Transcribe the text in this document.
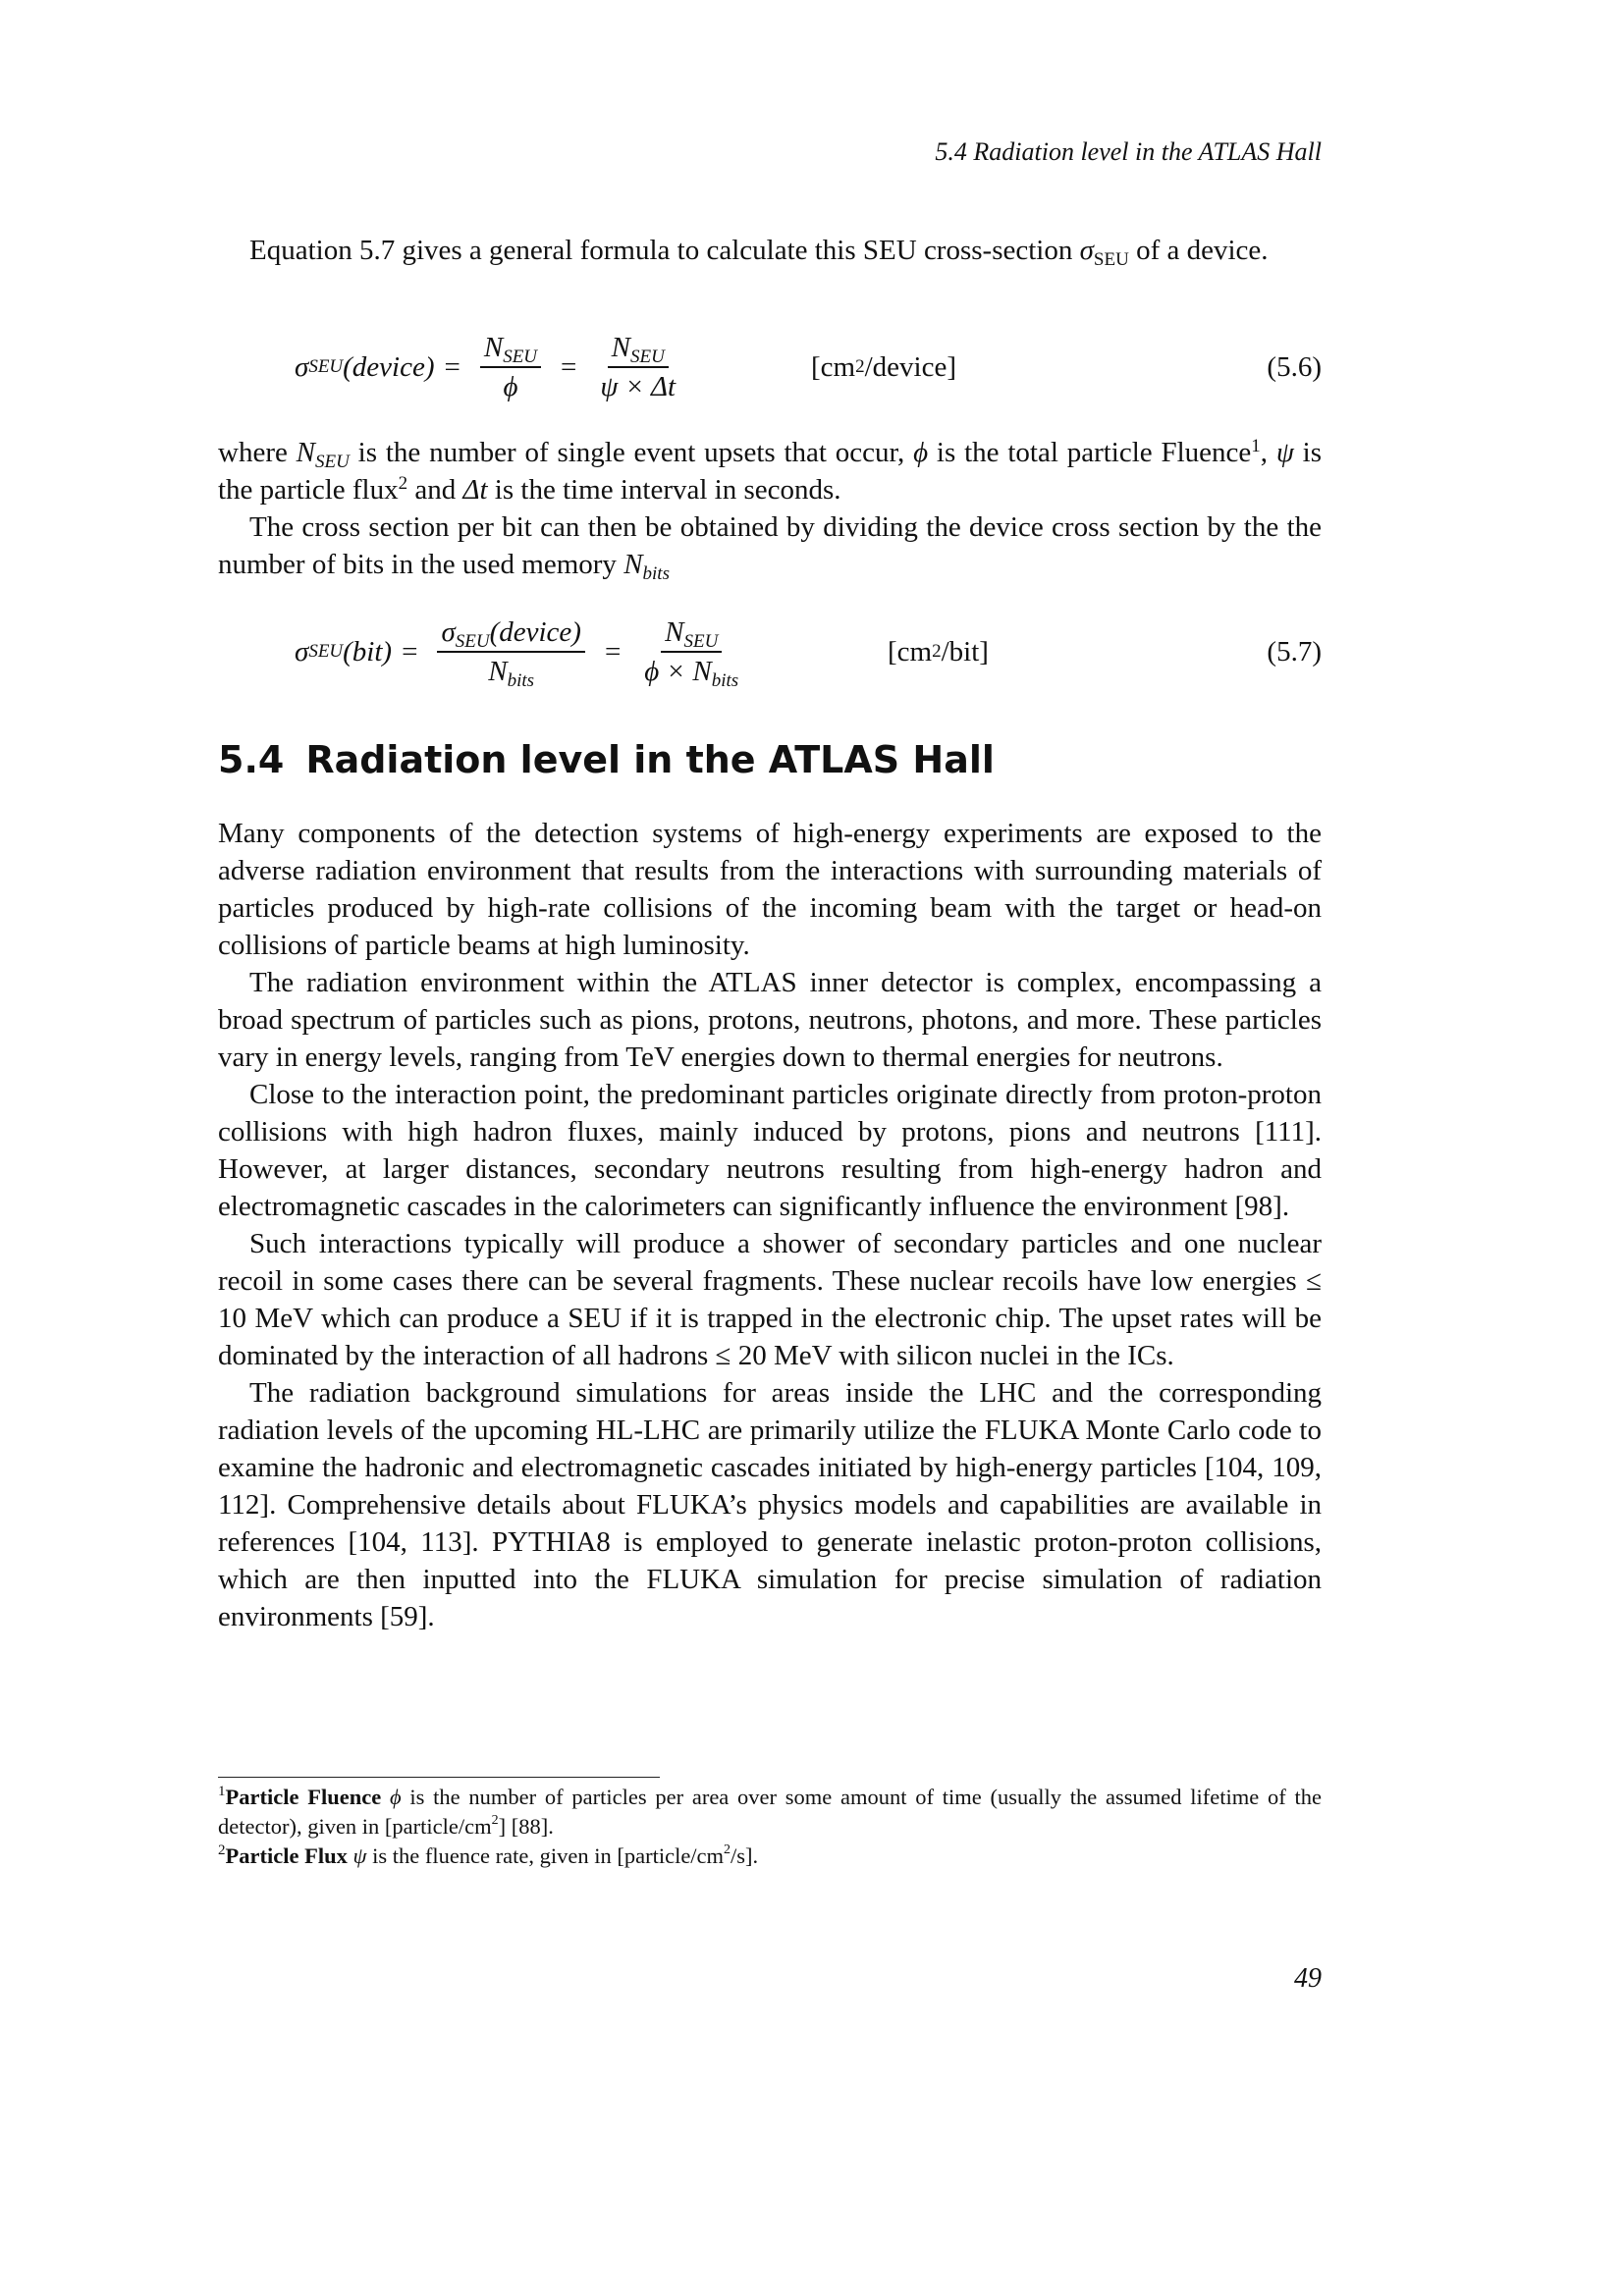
5.4 Radiation level in the ATLAS Hall

Equation 5.7 gives a general formula to calculate this SEU cross-section $\sigma_{SEU}$ of a device.

σ SEU (device) = $\frac{N_{SEU}}{\phi} = \frac{N_{SEU}}{\psi \times \Delta t}$	[cm 2 /device]	(5.6)

where $N_{SEU}$ is the number of single event upsets that occur, ϕ is the total particle Fluence$^1$, ψ is the particle flux$^2$ and Δt is the time interval in seconds.

The cross section per bit can then be obtained by dividing the device cross section by the the number of bits in the used memory $N_{bits}$

σ SEU $(bit) = \frac{\sigma_{SEU}(device)}{N_{bits}} = \frac{N_{SEU}}{\phi \times N_{bits}}$	[cm 2 /bit]	(5.7)
5.4 Radiation level in the ATLAS Hall

Many components of the detection systems of high-energy experiments are exposed to the adverse radiation environment that results from the interactions with surrounding materials of particles produced by high-rate collisions of the incoming beam with the target or head-on collisions of particle beams at high luminosity.

The radiation environment within the ATLAS inner detector is complex, encompassing a broad spectrum of particles such as pions, protons, neutrons, photons, and more. These particles vary in energy levels, ranging from TeV energies down to thermal energies for neutrons.

Close to the interaction point, the predominant particles originate directly from proton-proton collisions with high hadron fluxes, mainly induced by protons, pions and neutrons [111]. However, at larger distances, secondary neutrons resulting from high-energy hadron and electromagnetic cascades in the calorimeters can significantly influence the environment [98].

Such interactions typically will produce a shower of secondary particles and one nuclear recoil in some cases there can be several fragments. These nuclear recoils have low energies ≤ 10 MeV which can produce a SEU if it is trapped in the electronic chip. The upset rates will be dominated by the interaction of all hadrons ≤ 20 MeV with silicon nuclei in the ICs.

The radiation background simulations for areas inside the LHC and the corresponding radiation levels of the upcoming HL-LHC are primarily utilize the FLUKA Monte Carlo code to examine the hadronic and electromagnetic cascades initiated by high-energy particles [104, 109, 112]. Comprehensive details about FLUKA’s physics models and capabilities are available in references [104, 113]. PYTHIA8 is employed to generate inelastic proton-proton collisions, which are then inputted into the FLUKA simulation for precise simulation of radiation environments [59].

$^1$Particle Fluence ϕ is the number of particles per area over some amount of time (usually the assumed lifetime of the detector), given in $[particle/cm^2]$ [88].
$^2$Particle Flux ψ is the fluence rate, given in $[particle/cm^2/s]$.
49
